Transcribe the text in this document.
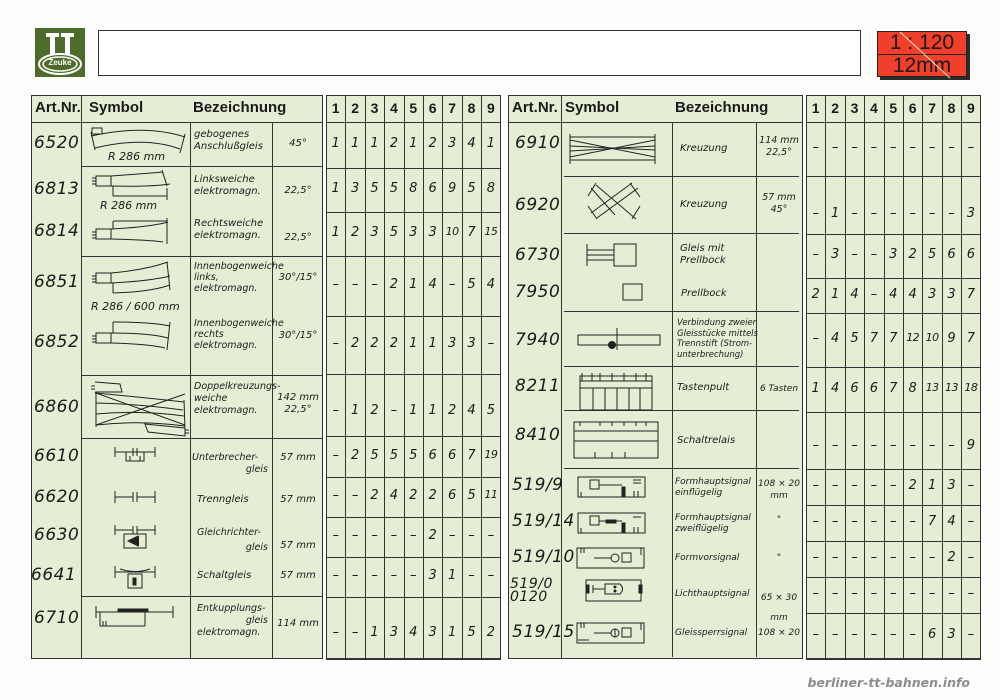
Zeuke
1 : 120
12mm
Art.Nr. Symbol	Bezeichnung
6520
6813
6814
6851
6852
6860
6610
6620
6630
6641
6710
R 286 mm
R 286 mm
R 286 / 600 mm
gebogenes
Anschlußgleis
Linksweiche
elektromagn.
Rechtsweiche
elektromagn.
Innenbogenweiche
links,
elektromagn.
Innenbogenweiche
rechts
elektromagn.
Doppelkreuzungs-
weiche
elektromagn.
Unterbrecher-
gleis
Trenngleis
Gleichrichter-
gleis
Schaltgleis
Entkupplungs-
gleis
elektromagn.
45°
22,5°
22,5°
30°/15°
30°/15°
142 mm
22,5°
57 mm
57 mm
57 mm
57 mm
114 mm
1 2 3 4 5 6 7 8 9
1 1 1 2 1 2 3 4 1
1 3 5 5 8 6 9 5 8
1 2 3 5 3 3 10 7 15
– – – 2 1 4 – 5 4
– 2 2 2 1 1 3 3 –
– 1 2 – 1 1 2 4 5
– 2 5 5 5 6 6 7 19
– – 2 4 2 2 6 5 11
– – – – – 2 – – –
– – – – – 3 1 – –
– – 1 3 4 3 1 5 2
Art.Nr. Symbol	Bezeichnung
6910
6920
6730
7950
7940
8211
8410
519/9
519/14
519/10
519/00120
519/15
Kreuzung
Kreuzung
Gleis mit
Prellbock
Prellbock
Verbindung zweier
Gleisstücke mittels
Trennstift (Strom-
unterbrechung)
Tastenpult
Schaltrelais
Formhauptsignal
einflügelig
Formhauptsignal
zweiflügelig
Formvorsignal
Lichthauptsignal
Gleissperrsignal
114 mm
22,5°
57 mm
45°
6 Tasten
108 × 20
mm
"
"
65 × 30
mm
108 × 20
1 2 3 4 5 6 7 8 9
– – – – – – – – –
– 1 – – – – – – 3
– 3 – – 3 2 5 6 6
2 1 4 – 4 4 3 3 7
– 4 5 7 7 12 10 9 7
1 4 6 6 7 8 13 13 18
– – – – – – – – 9
– – – – – 2 1 3 –
– – – – – – 7 4 –
– – – – – – – 2 –
– – – – – – – – –
– – – – – – 6 3 –
berliner-tt-bahnen.info
